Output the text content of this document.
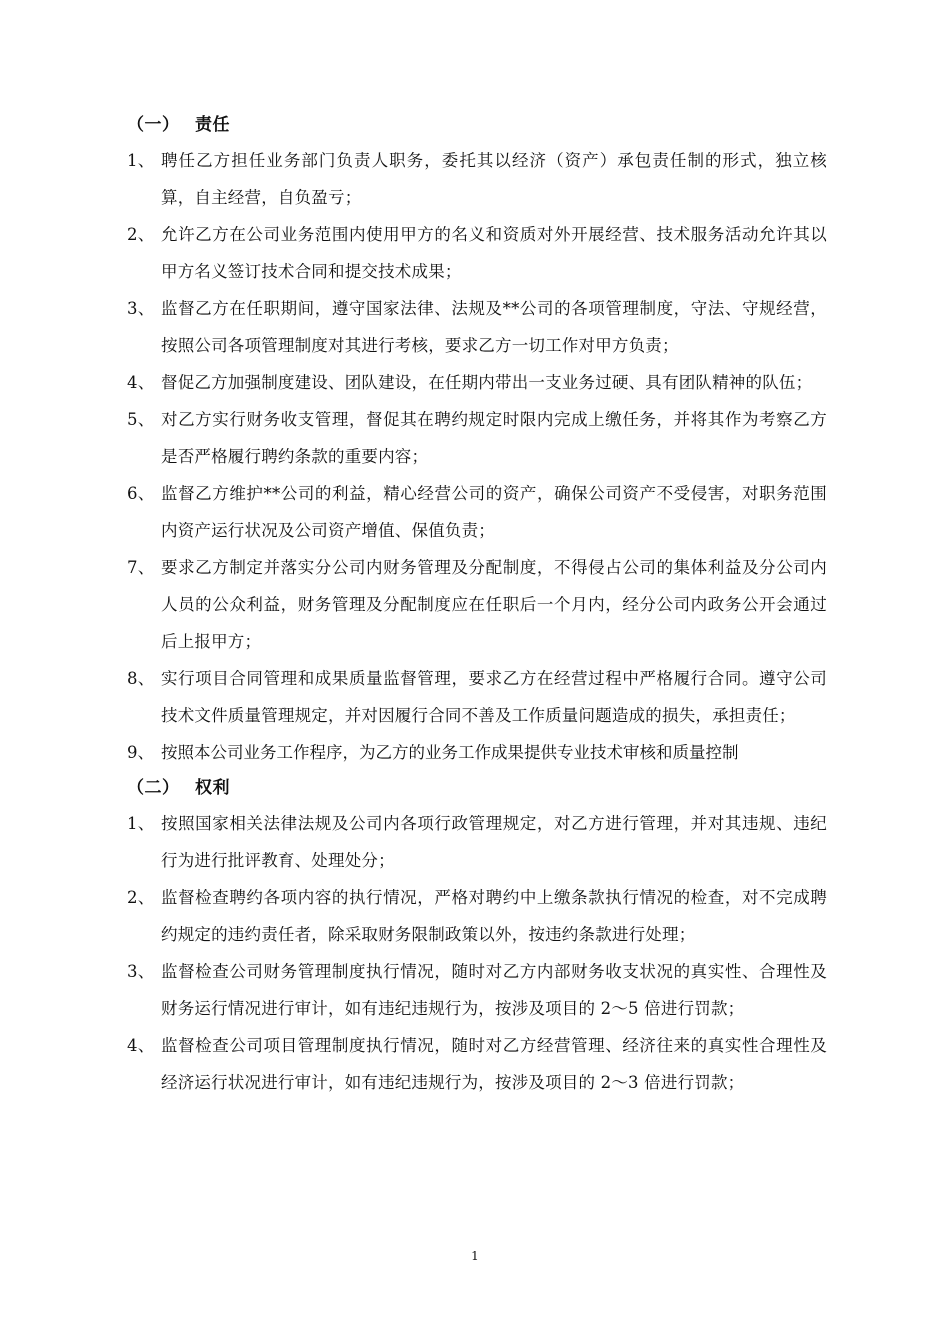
（一） 责任
1、 聘任乙方担任业务部门负责人职务，委托其以经济（资产）承包责任制的形式，独立核算，自主经营，自负盈亏；
2、 允许乙方在公司业务范围内使用甲方的名义和资质对外开展经营、技术服务活动允许其以甲方名义签订技术合同和提交技术成果；
3、 监督乙方在任职期间，遵守国家法律、法规及**公司的各项管理制度，守法、守规经营，按照公司各项管理制度对其进行考核，要求乙方一切工作对甲方负责；
4、 督促乙方加强制度建设、团队建设，在任期内带出一支业务过硬、具有团队精神的队伍；
5、 对乙方实行财务收支管理，督促其在聘约规定时限内完成上缴任务，并将其作为考察乙方是否严格履行聘约条款的重要内容；
6、 监督乙方维护**公司的利益，精心经营公司的资产，确保公司资产不受侵害，对职务范围内资产运行状况及公司资产增值、保值负责；
7、 要求乙方制定并落实分公司内财务管理及分配制度，不得侵占公司的集体利益及分公司内人员的公众利益，财务管理及分配制度应在任职后一个月内，经分公司内政务公开会通过后上报甲方；
8、 实行项目合同管理和成果质量监督管理，要求乙方在经营过程中严格履行合同。遵守公司技术文件质量管理规定，并对因履行合同不善及工作质量问题造成的损失，承担责任；
9、 按照本公司业务工作程序，为乙方的业务工作成果提供专业技术审核和质量控制
（二） 权利
1、 按照国家相关法律法规及公司内各项行政管理规定，对乙方进行管理，并对其违规、违纪行为进行批评教育、处理处分；
2、 监督检查聘约各项内容的执行情况，严格对聘约中上缴条款执行情况的检查，对不完成聘约规定的违约责任者，除采取财务限制政策以外，按违约条款进行处理；
3、 监督检查公司财务管理制度执行情况，随时对乙方内部财务收支状况的真实性、合理性及财务运行情况进行审计，如有违纪违规行为，按涉及项目的 2～5 倍进行罚款；
4、 监督检查公司项目管理制度执行情况，随时对乙方经营管理、经济往来的真实性合理性及经济运行状况进行审计，如有违纪违规行为，按涉及项目的 2～3 倍进行罚款；
1
